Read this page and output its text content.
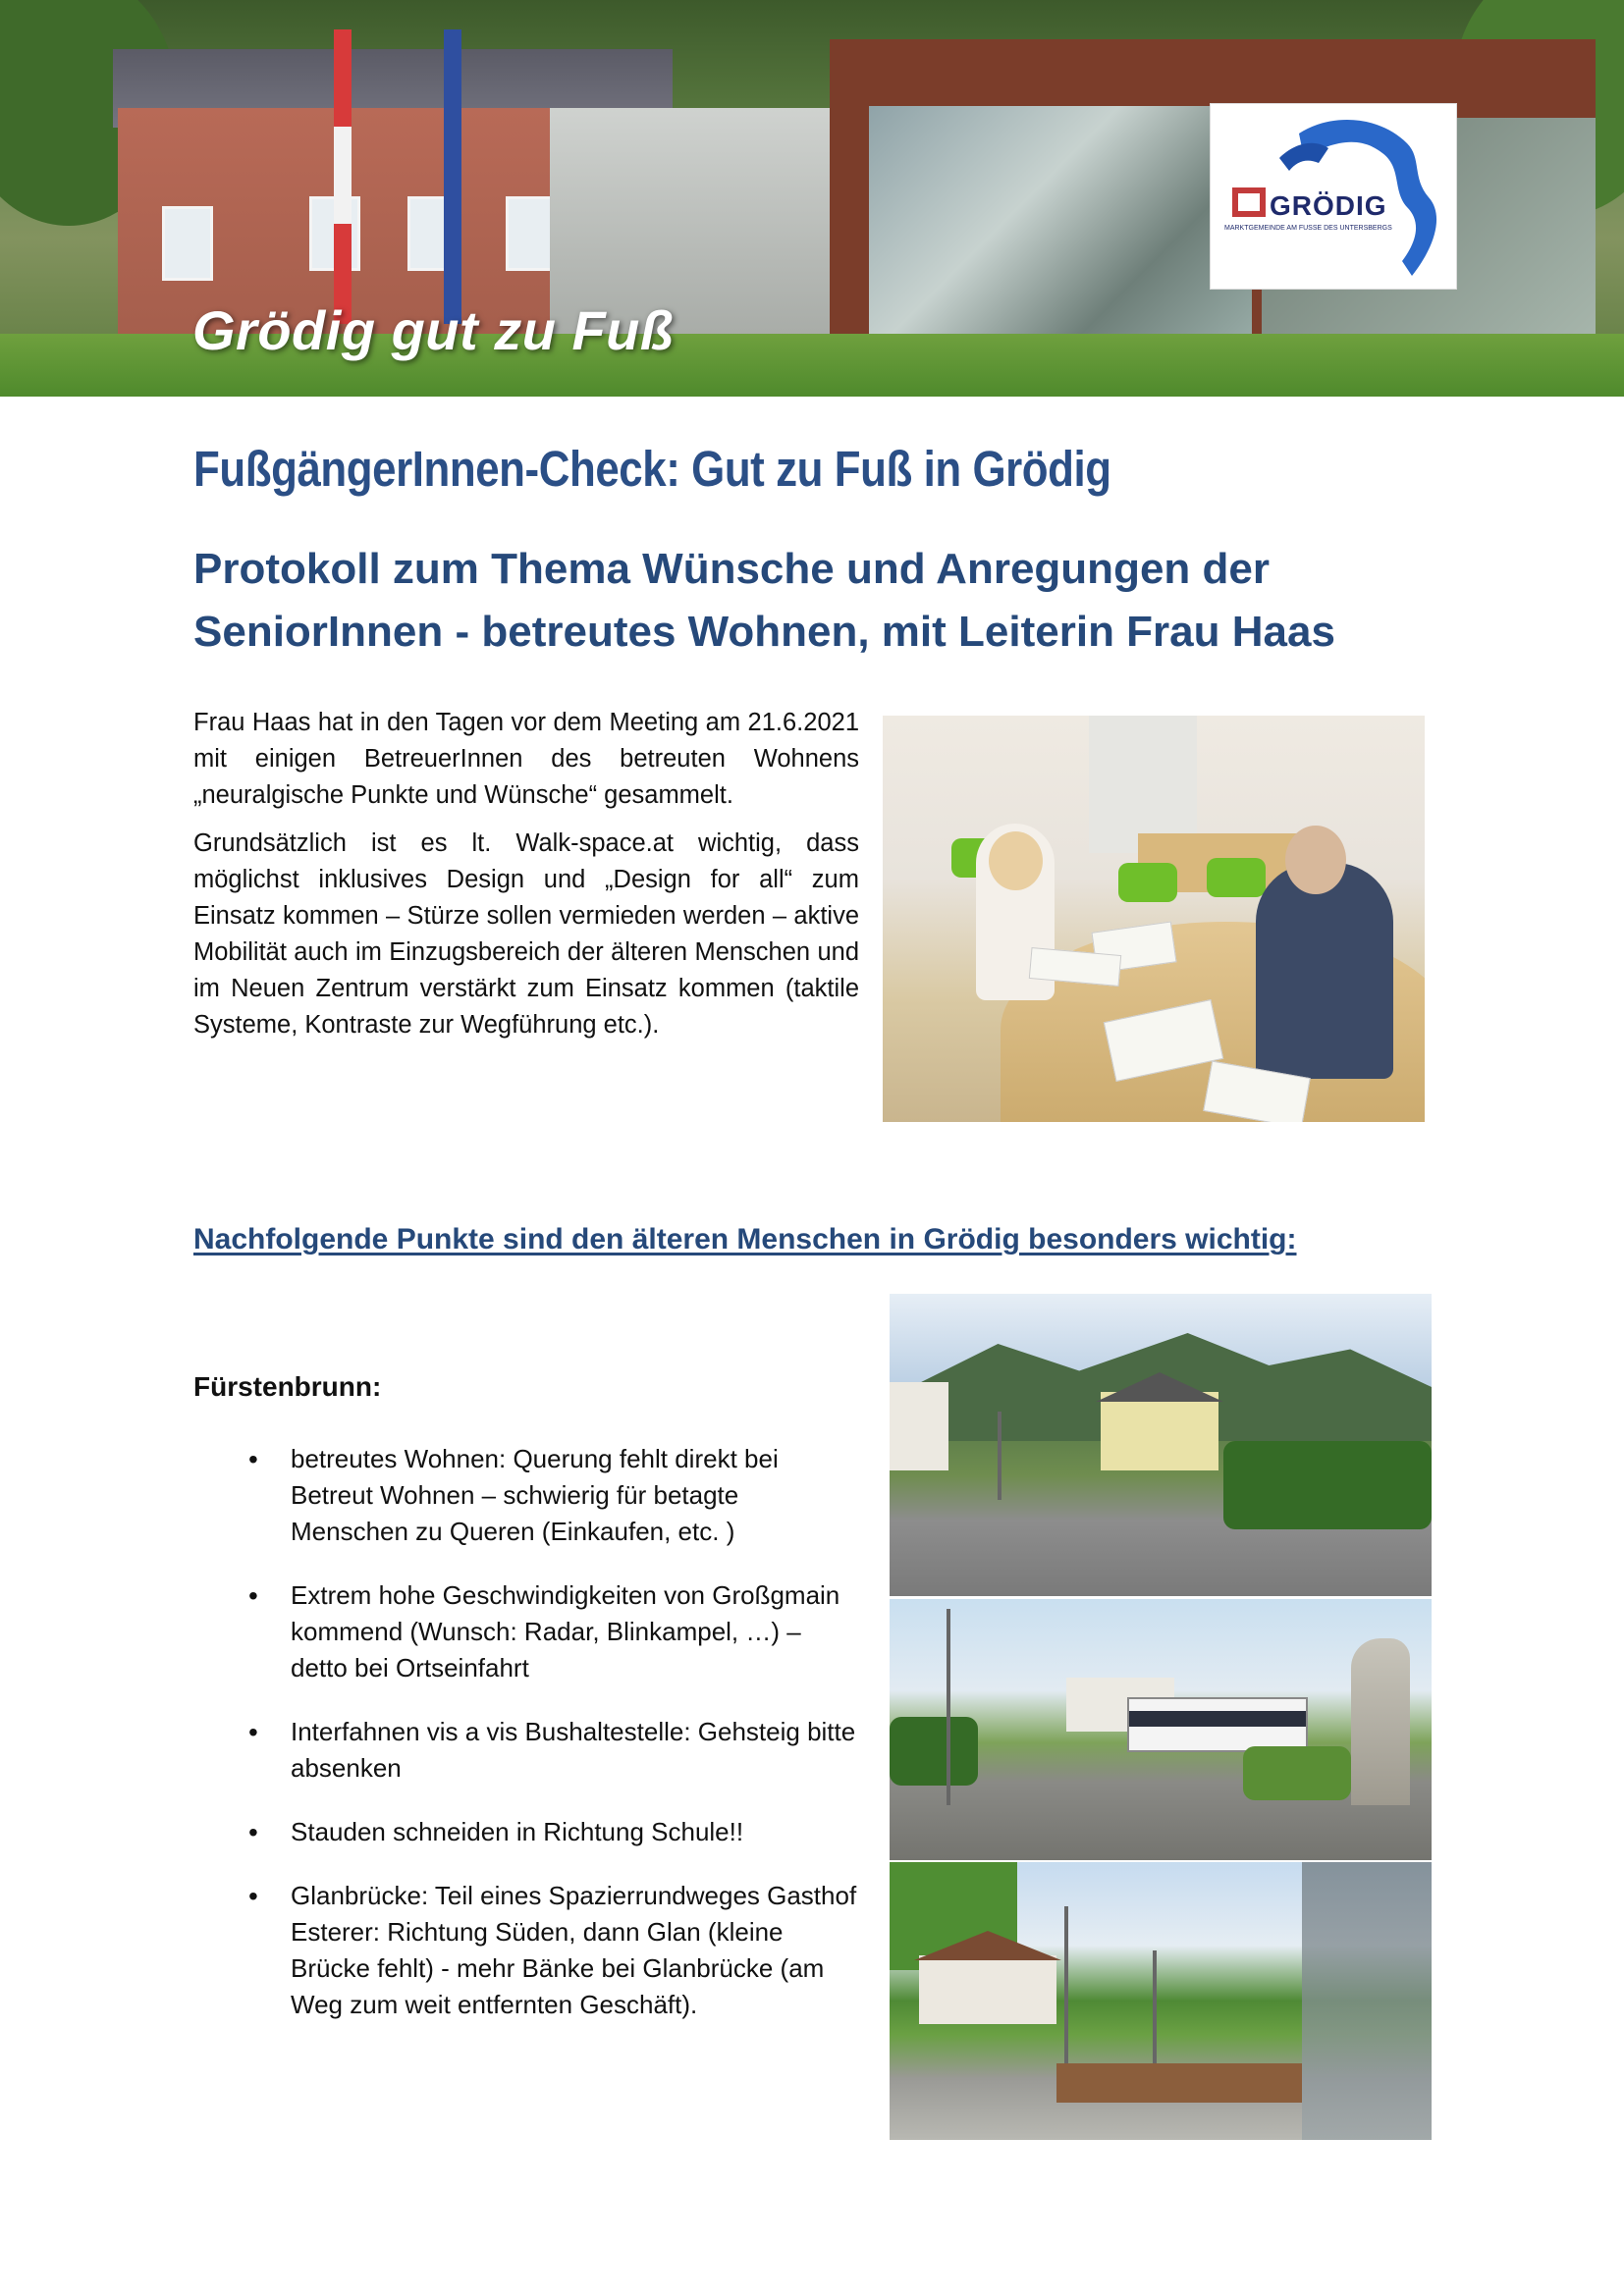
GRÖDIG
MARKTGEMEINDE AM FUSSE DES UNTERSBERGS
Grödig gut zu Fuß
FußgängerInnen-Check: Gut zu Fuß in Grödig
Protokoll zum Thema Wünsche und Anregungen der SeniorInnen - betreutes Wohnen, mit Leiterin Frau Haas

Frau Haas hat in den Tagen vor dem Meeting am 21.6.2021 mit einigen BetreuerInnen des betreuten Wohnens „neuralgische Punkte und Wünsche“ gesammelt.

Grundsätzlich ist es lt. Walk-space.at wichtig, dass möglichst inklusives Design und „Design for all“ zum Einsatz kommen – Stürze sollen vermieden werden – aktive Mobilität auch im Einzugsbereich der älteren Menschen und im Neuen Zentrum verstärkt zum Einsatz kommen (taktile Systeme, Kontraste zur Wegführung etc.).

Nachfolgende Punkte sind den älteren Menschen in Grödig besonders wichtig:
Fürstenbrunn:
• betreutes Wohnen: Querung fehlt direkt bei Betreut Wohnen – schwierig für betagte Menschen zu Queren (Einkaufen, etc. )
• Extrem hohe Geschwindigkeiten von Großgmain kommend (Wunsch: Radar, Blinkampel, …) – detto bei Ortseinfahrt
• Interfahnen vis a vis Bushaltestelle: Gehsteig bitte absenken
• Stauden schneiden in Richtung Schule!!
• Glanbrücke: Teil eines Spazierrundweges Gasthof Esterer: Richtung Süden, dann Glan (kleine Brücke fehlt) - mehr Bänke bei Glanbrücke (am Weg zum weit entfernten Geschäft).
